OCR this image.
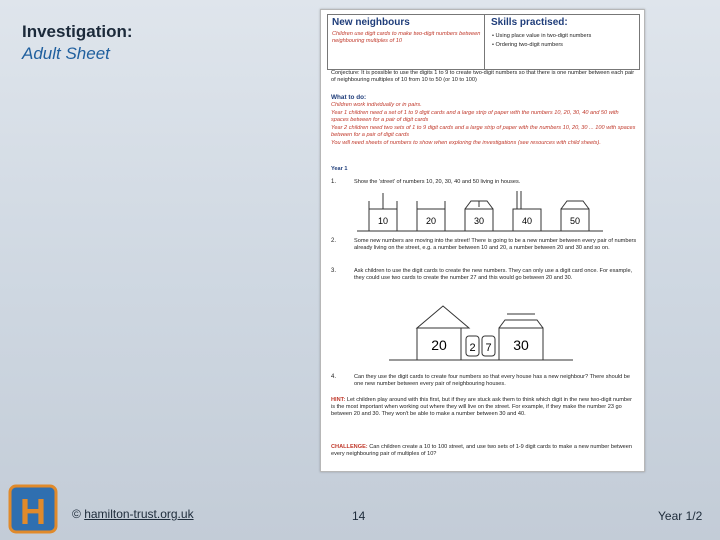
Investigation:
Adult Sheet
New neighbours
Children use digit cards to make two-digit numbers between neighbouring multiples of 10
Skills practised:
• Using place value in two-digit numbers
• Ordering two-digit numbers
Conjecture: It is possible to use the digits 1 to 9 to create two-digit numbers so that there is one number between each pair of neighbouring multiples of 10 from 10 to 50 (or 10 to 100)
What to do:
Children work individually or in pairs.
Year 1 children need a set of 1 to 9 digit cards and a large strip of paper with the numbers 10, 20, 30, 40 and 50 with spaces between for a pair of digit cards
Year 2 children need two sets of 1 to 9 digit cards and a large strip of paper with the numbers 10, 20, 30 ... 100 with spaces between for a pair of digit cards
You will need sheets of numbers to show when exploring the investigations (see resources with child sheets).
Year 1
1.	Show the 'street' of numbers 10, 20, 30, 40 and 50 living in houses.
10	20	30	40	50
2.	Some new numbers are moving into the street! There is going to be a new number between every pair of numbers already living on the street, e.g. a number between 10 and 20, a number between 20 and 30 and so on.
3.	Ask children to use the digit cards to create the new numbers. They can only use a digit card once. For example, they could use two cards to create the number 27 and this would go between 20 and 30.
20 2 7 30
4.	Can they use the digit cards to create four numbers so that every house has a new neighbour? There should be one new number between every pair of neighbouring houses.
HINT: Let children play around with this first, but if they are stuck ask them to think which digit in the new two-digit number is the most important when working out where they will live on the street. For example, if they make the number 23 go between 20 and 30. They won't be able to make a number between 30 and 40.
CHALLENGE: Can children create a 10 to 100 street, and use two sets of 1-9 digit cards to make a new number between every neighbouring pair of multiples of 10?
H © hamilton-trust.org.uk	14	Year 1/2
